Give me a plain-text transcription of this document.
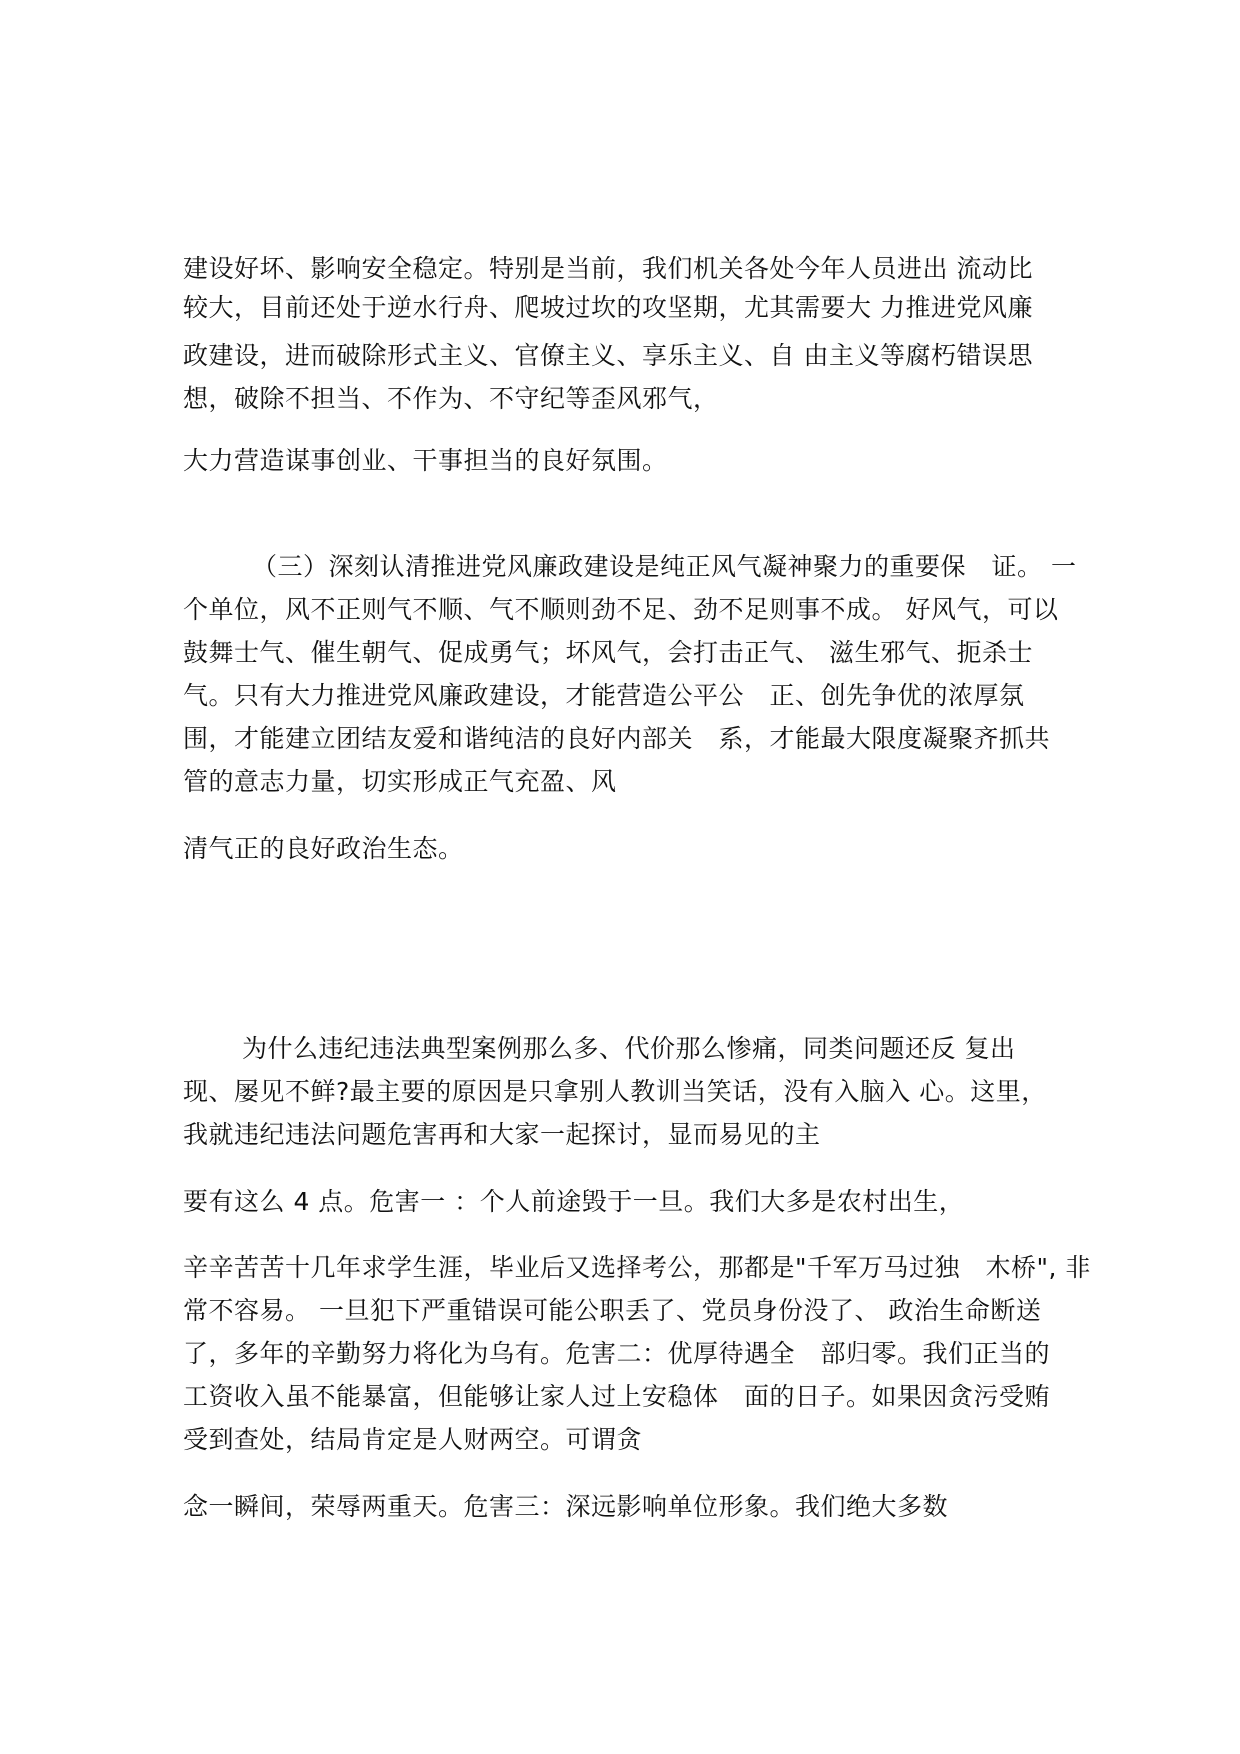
建设好坏、影响安全稳定。特别是当前，我们机关各处今年人员进出 流动比

较大，目前还处于逆水行舟、爬坡过坎的攻坚期，尤其需要大 力推进党风廉

政建设，进而破除形式主义、官僚主义、享乐主义、自 由主义等腐朽错误思

想，破除不担当、不作为、不守纪等歪风邪气，

大力营造谋事创业、干事担当的良好氛围。

（三）深刻认清推进党风廉政建设是纯正风气凝神聚力的重要保　证。 一

个单位，风不正则气不顺、气不顺则劲不足、劲不足则事不成。 好风气，可以

鼓舞士气、催生朝气、促成勇气；坏风气，会打击正气、 滋生邪气、扼杀士

气。只有大力推进党风廉政建设，才能营造公平公　正、创先争优的浓厚氛

围，才能建立团结友爱和谐纯洁的良好内部关　系，才能最大限度凝聚齐抓共

管的意志力量，切实形成正气充盈、风

清气正的良好政治生态。

为什么违纪违法典型案例那么多、代价那么惨痛，同类问题还反 复出

现、屡见不鲜?最主要的原因是只拿别人教训当笑话，没有入脑入 心。这里，

我就违纪违法问题危害再和大家一起探讨，显而易见的主

要有这么 4 点。危害一 ：个人前途毁于一旦。我们大多是农村出生，

辛辛苦苦十几年求学生涯，毕业后又选择考公，那都是"千军万马过独　木桥", 非

常不容易。 一旦犯下严重错误可能公职丢了、党员身份没了、 政治生命断送

了，多年的辛勤努力将化为乌有。危害二：优厚待遇全　部归零。我们正当的

工资收入虽不能暴富，但能够让家人过上安稳体　面的日子。如果因贪污受贿

受到查处，结局肯定是人财两空。可谓贪

念一瞬间，荣辱两重天。危害三：深远影响单位形象。我们绝大多数
